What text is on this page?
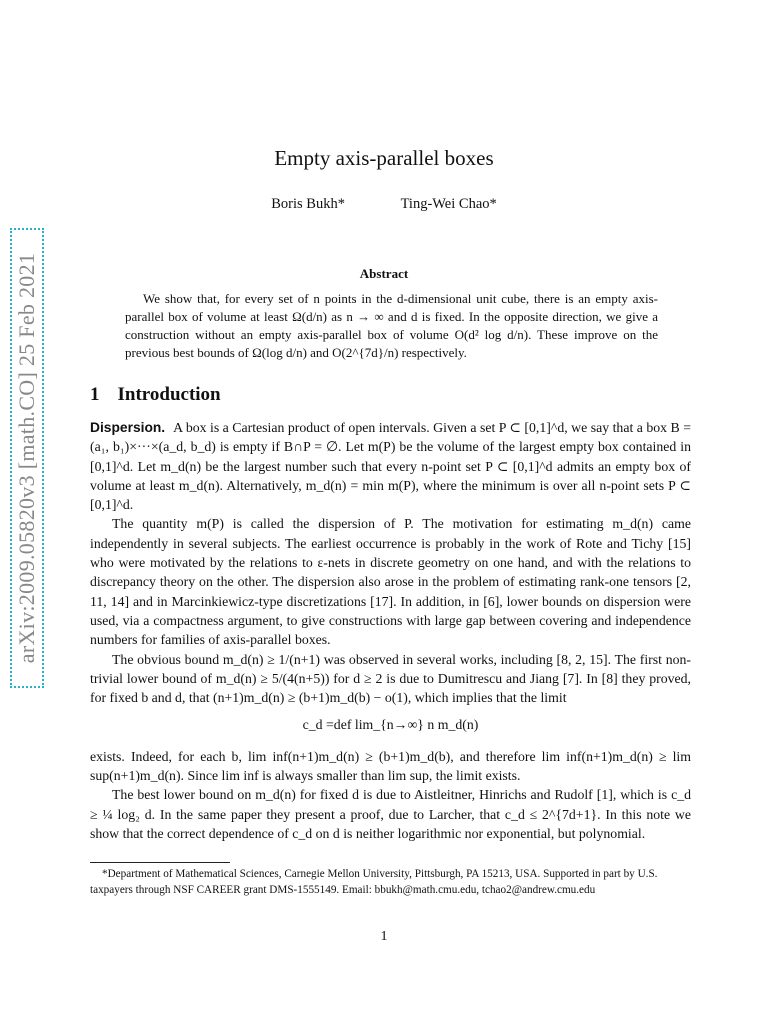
arXiv:2009.05820v3 [math.CO] 25 Feb 2021
Empty axis-parallel boxes
Boris Bukh*	Ting-Wei Chao*
Abstract
We show that, for every set of n points in the d-dimensional unit cube, there is an empty axis-parallel box of volume at least Ω(d/n) as n → ∞ and d is fixed. In the opposite direction, we give a construction without an empty axis-parallel box of volume O(d² log d/n). These improve on the previous best bounds of Ω(log d/n) and O(2^{7d}/n) respectively.
1 Introduction

Dispersion. A box is a Cartesian product of open intervals. Given a set P ⊂ [0,1]^d, we say that a box B = (a₁, b₁)×···×(a_d, b_d) is empty if B∩P = ∅. Let m(P) be the volume of the largest empty box contained in [0,1]^d. Let m_d(n) be the largest number such that every n-point set P ⊂ [0,1]^d admits an empty box of volume at least m_d(n). Alternatively, m_d(n) = min m(P), where the minimum is over all n-point sets P ⊂ [0,1]^d.

The quantity m(P) is called the dispersion of P. The motivation for estimating m_d(n) came independently in several subjects. The earliest occurrence is probably in the work of Rote and Tichy [15] who were motivated by the relations to ε-nets in discrete geometry on one hand, and with the relations to discrepancy theory on the other. The dispersion also arose in the problem of estimating rank-one tensors [2, 11, 14] and in Marcinkiewicz-type discretizations [17]. In addition, in [6], lower bounds on dispersion were used, via a compactness argument, to give constructions with large gap between covering and independence numbers for families of axis-parallel boxes.

The obvious bound m_d(n) ≥ 1/(n+1) was observed in several works, including [8, 2, 15]. The first non-trivial lower bound of m_d(n) ≥ 5/(4(n+5)) for d ≥ 2 is due to Dumitrescu and Jiang [7]. In [8] they proved, for fixed b and d, that (n+1)m_d(n) ≥ (b+1)m_d(b) − o(1), which implies that the limit

c_d =def lim_{n→∞} n m_d(n)

exists. Indeed, for each b, lim inf(n+1)m_d(n) ≥ (b+1)m_d(b), and therefore lim inf(n+1)m_d(n) ≥ lim sup(n+1)m_d(n). Since lim inf is always smaller than lim sup, the limit exists.

The best lower bound on m_d(n) for fixed d is due to Aistleitner, Hinrichs and Rudolf [1], which is c_d ≥ ¼ log₂ d. In the same paper they present a proof, due to Larcher, that c_d ≤ 2^{7d+1}. In this note we show that the correct dependence of c_d on d is neither logarithmic nor exponential, but polynomial.

*Department of Mathematical Sciences, Carnegie Mellon University, Pittsburgh, PA 15213, USA. Supported in part by U.S. taxpayers through NSF CAREER grant DMS-1555149. Email: bbukh@math.cmu.edu, tchao2@andrew.cmu.edu
1
